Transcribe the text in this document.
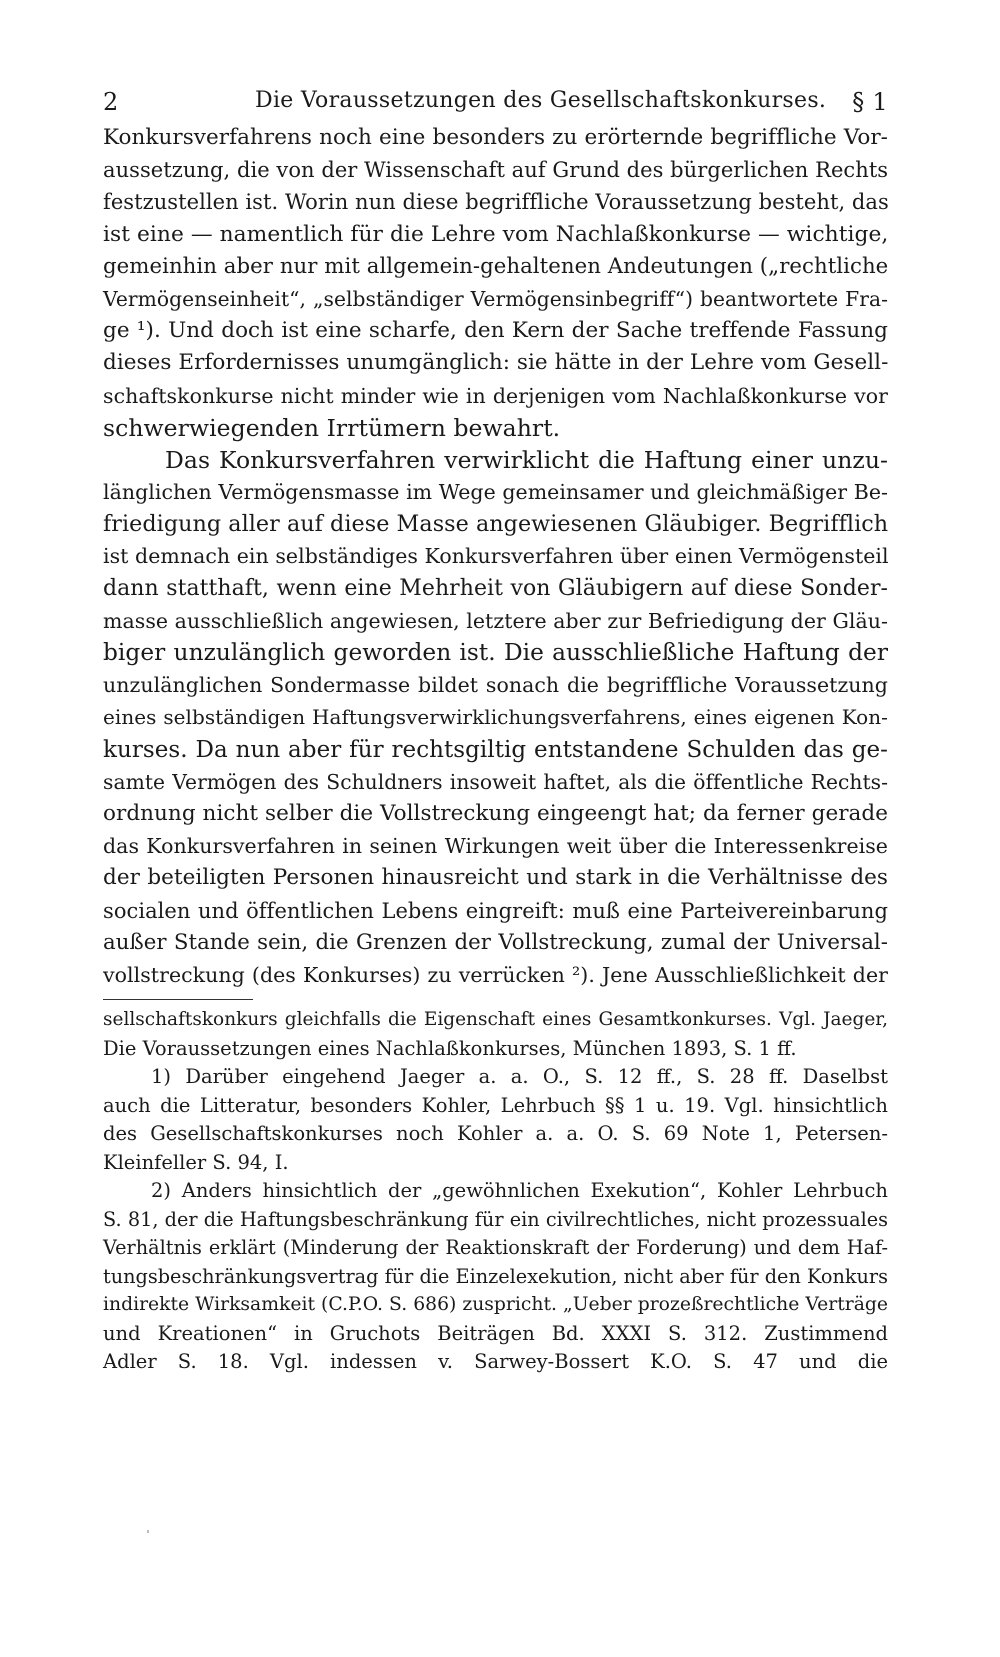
2	Die Voraussetzungen des Gesellschaftskonkurses. § 1
Konkursverfahrens noch eine besonders zu erörternde begriffliche Vor-
aussetzung, die von der Wissenschaft auf Grund des bürgerlichen Rechts
festzustellen ist. Worin nun diese begriffliche Voraussetzung besteht, das
ist eine — namentlich für die Lehre vom Nachlaßkonkurse — wichtige,
gemeinhin aber nur mit allgemein-gehaltenen Andeutungen („rechtliche
Vermögenseinheit“, „selbständiger Vermögensinbegriff“) beantwortete Fra-
ge ¹). Und doch ist eine scharfe, den Kern der Sache treffende Fassung
dieses Erfordernisses unumgänglich: sie hätte in der Lehre vom Gesell-
schaftskonkurse nicht minder wie in derjenigen vom Nachlaßkonkurse vor
schwerwiegenden Irrtümern bewahrt.
Das Konkursverfahren verwirklicht die Haftung einer unzu-
länglichen Vermögensmasse im Wege gemeinsamer und gleichmäßiger Be-
friedigung aller auf diese Masse angewiesenen Gläubiger. Begrifflich
ist demnach ein selbständiges Konkursverfahren über einen Vermögensteil
dann statthaft, wenn eine Mehrheit von Gläubigern auf diese Sonder-
masse ausschließlich angewiesen, letztere aber zur Befriedigung der Gläu-
biger unzulänglich geworden ist. Die ausschließliche Haftung der
unzulänglichen Sondermasse bildet sonach die begriffliche Voraussetzung
eines selbständigen Haftungsverwirklichungsverfahrens, eines eigenen Kon-
kurses. Da nun aber für rechtsgiltig entstandene Schulden das ge-
samte Vermögen des Schuldners insoweit haftet, als die öffentliche Rechts-
ordnung nicht selber die Vollstreckung eingeengt hat; da ferner gerade
das Konkursverfahren in seinen Wirkungen weit über die Interessenkreise
der beteiligten Personen hinausreicht und stark in die Verhältnisse des
socialen und öffentlichen Lebens eingreift: muß eine Parteivereinbarung
außer Stande sein, die Grenzen der Vollstreckung, zumal der Universal-
vollstreckung (des Konkurses) zu verrücken ²). Jene Ausschließlichkeit der
sellschaftskonkurs gleichfalls die Eigenschaft eines Gesamtkonkurses. Vgl. Jaeger,
Die Voraussetzungen eines Nachlaßkonkurses, München 1893, S. 1 ff.
1) Darüber eingehend Jaeger a. a. O., S. 12 ff., S. 28 ff. Daselbst
auch die Litteratur, besonders Kohler, Lehrbuch §§ 1 u. 19. Vgl. hinsichtlich
des Gesellschaftskonkurses noch Kohler a. a. O. S. 69 Note 1, Petersen-
Kleinfeller S. 94, I.
2) Anders hinsichtlich der „gewöhnlichen Exekution“, Kohler Lehrbuch
S. 81, der die Haftungsbeschränkung für ein civilrechtliches, nicht prozessuales
Verhältnis erklärt (Minderung der Reaktionskraft der Forderung) und dem Haf-
tungsbeschränkungsvertrag für die Einzelexekution, nicht aber für den Konkurs
indirekte Wirksamkeit (C.P.O. S. 686) zuspricht. „Ueber prozeßrechtliche Verträge
und Kreationen“ in Gruchots Beiträgen Bd. XXXI S. 312. Zustimmend
Adler S. 18. Vgl. indessen v. Sarwey-Bossert K.O. S. 47 und die
